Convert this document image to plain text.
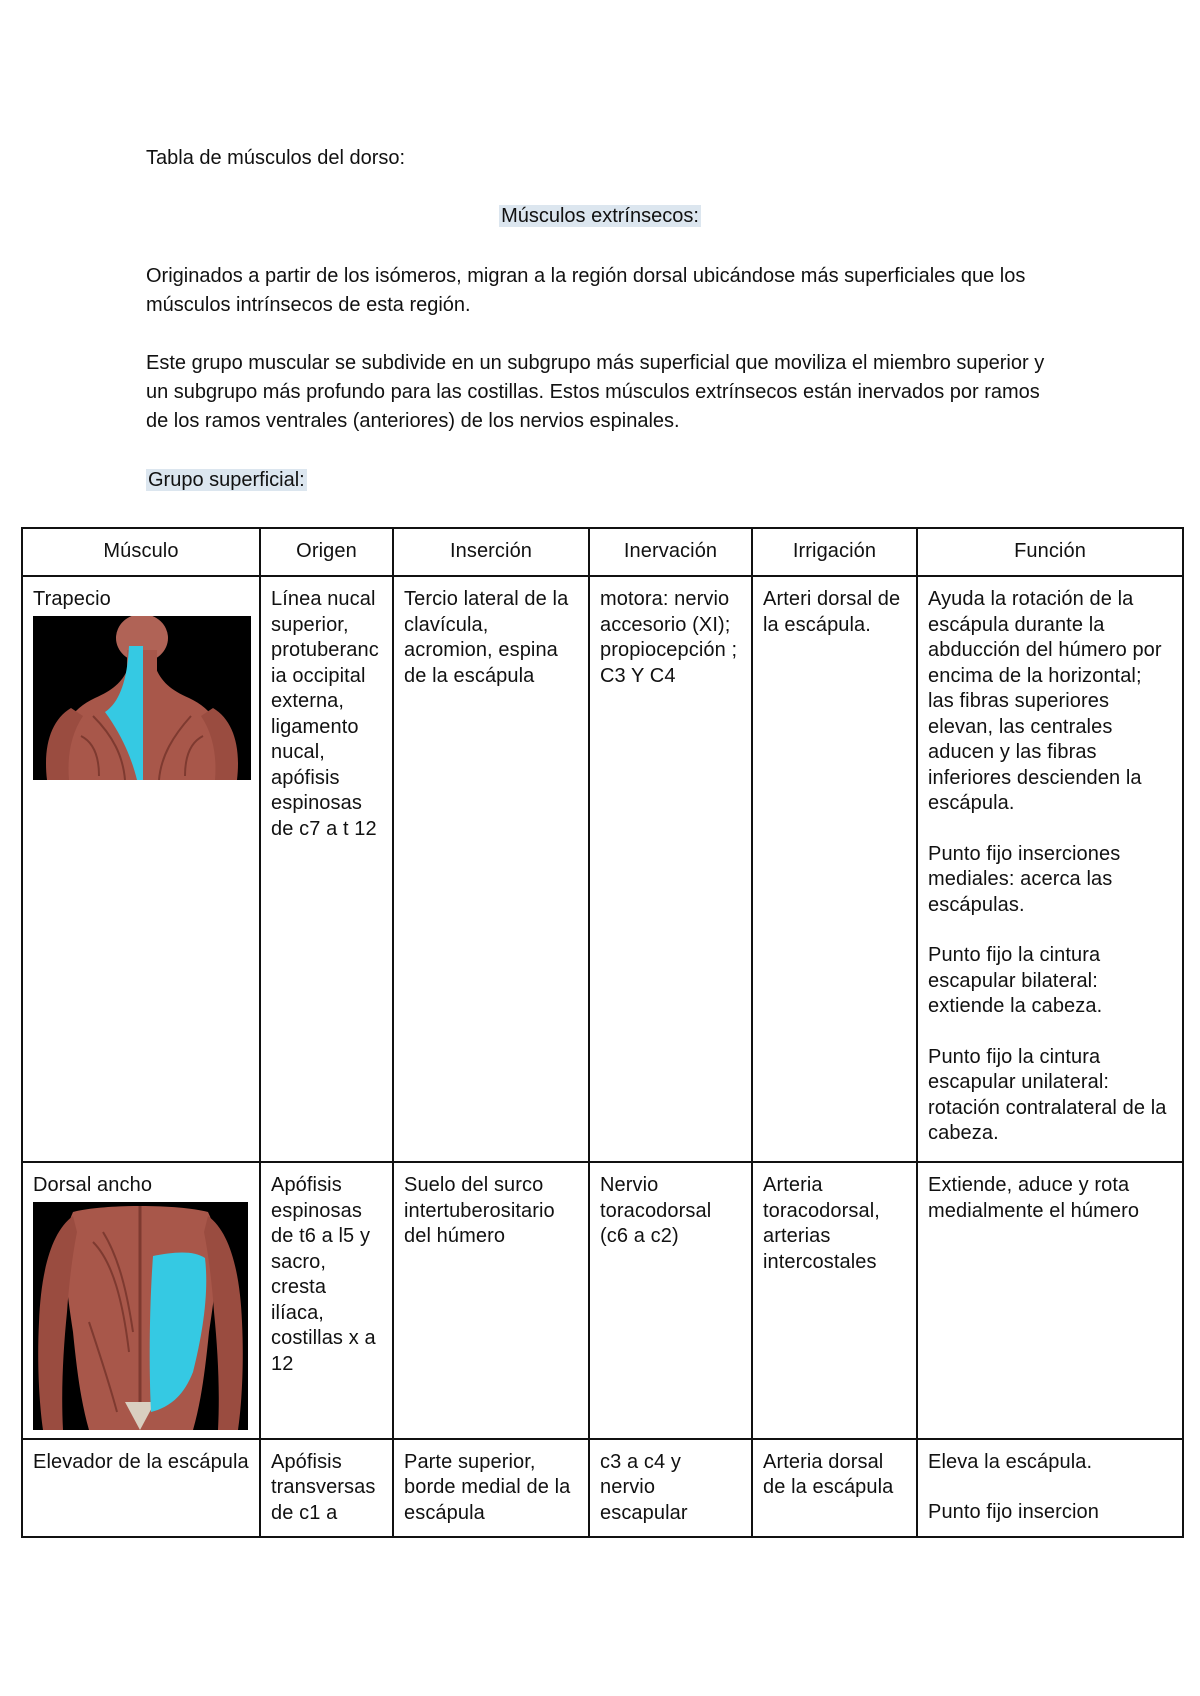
Tabla de músculos del dorso:
Músculos extrínsecos:
Originados a partir de los isómeros, migran a la región dorsal ubicándose más superficiales que los músculos intrínsecos de esta región.
Este grupo muscular se subdivide en un subgrupo más superficial que moviliza el miembro superior y un subgrupo más profundo para las costillas. Estos músculos extrínsecos están inervados por ramos de los ramos ventrales (anteriores) de los nervios espinales.
Grupo superficial:
Músculo	Origen	Inserción	Inervación	Irrigación	Función

Trapecio	Línea nucal superior, protuberancia occipital externa, ligamento nucal, apófisis espinosas de c7 a t 12	Tercio lateral de la clavícula, acromion, espina de la escápula	motora: nervio accesorio (XI); propiocepción ; C3 Y C4	Arteri dorsal de la escápula.	Ayuda la rotación de la escápula durante la abducción del húmero por encima de la horizontal; las fibras superiores elevan, las centrales aducen y las fibras inferiores descienden la escápula.

Punto fijo inserciones mediales: acerca las escápulas.

Punto fijo la cintura escapular bilateral: extiende la cabeza.

Punto fijo la cintura escapular unilateral: rotación contralateral de la cabeza.

Dorsal ancho	Apófisis espinosas de t6 a l5 y sacro, cresta ilíaca, costillas x a 12	Suelo del surco intertuberositario del húmero	Nervio toracodorsal (c6 a c2)	Arteria toracodorsal, arterias intercostales	Extiende, aduce y rota medialmente el húmero

Elevador de la escápula	Apófisis transversas de c1 a	Parte superior, borde medial de la escápula	c3 a c4 y nervio escapular	Arteria dorsal de la escápula	Eleva la escápula.

Punto fijo insercion
